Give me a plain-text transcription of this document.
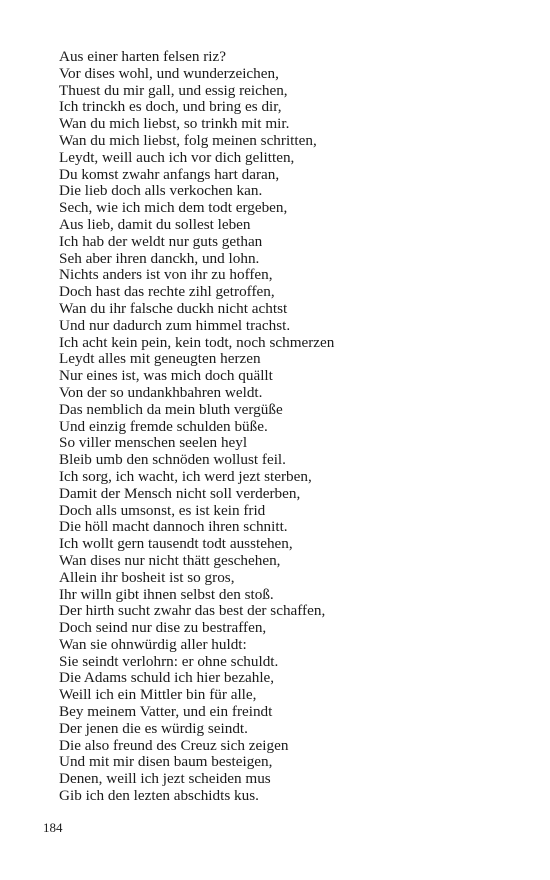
Aus einer harten felsen riz?
Vor dises wohl, und wunderzeichen,
Thuest du mir gall, und essig reichen,
Ich trinckh es doch, und bring es dir,
Wan du mich liebst, so trinkh mit mir.
Wan du mich liebst, folg meinen schritten,
Leydt, weill auch ich vor dich gelitten,
Du komst zwahr anfangs hart daran,
Die lieb doch alls verkochen kan.
Sech, wie ich mich dem todt ergeben,
Aus lieb, damit du sollest leben
Ich hab der weldt nur guts gethan
Seh aber ihren danckh, und lohn.
Nichts anders ist von ihr zu hoffen,
Doch hast das rechte zihl getroffen,
Wan du ihr falsche duckh nicht achtst
Und nur dadurch zum himmel trachst.
Ich acht kein pein, kein todt, noch schmerzen
Leydt alles mit geneugten herzen
Nur eines ist, was mich doch quällt
Von der so undankhbahren weldt.
Das nemblich da mein bluth vergüße
Und einzig fremde schulden büße.
So viller menschen seelen heyl
Bleib umb den schnöden wollust feil.
Ich sorg, ich wacht, ich werd jezt sterben,
Damit der Mensch nicht soll verderben,
Doch alls umsonst, es ist kein frid
Die höll macht dannoch ihren schnitt.
Ich wollt gern tausendt todt ausstehen,
Wan dises nur nicht thätt geschehen,
Allein ihr bosheit ist so gros,
Ihr willn gibt ihnen selbst den stoß.
Der hirth sucht zwahr das best der schaffen,
Doch seind nur dise zu bestraffen,
Wan sie ohnwürdig aller huldt:
Sie seindt verlohrn: er ohne schuldt.
Die Adams schuld ich hier bezahle,
Weill ich ein Mittler bin für alle,
Bey meinem Vatter, und ein freindt
Der jenen die es würdig seindt.
Die also freund des Creuz sich zeigen
Und mit mir disen baum besteigen,
Denen, weill ich jezt scheiden mus
Gib ich den lezten abschidts kus.
184
